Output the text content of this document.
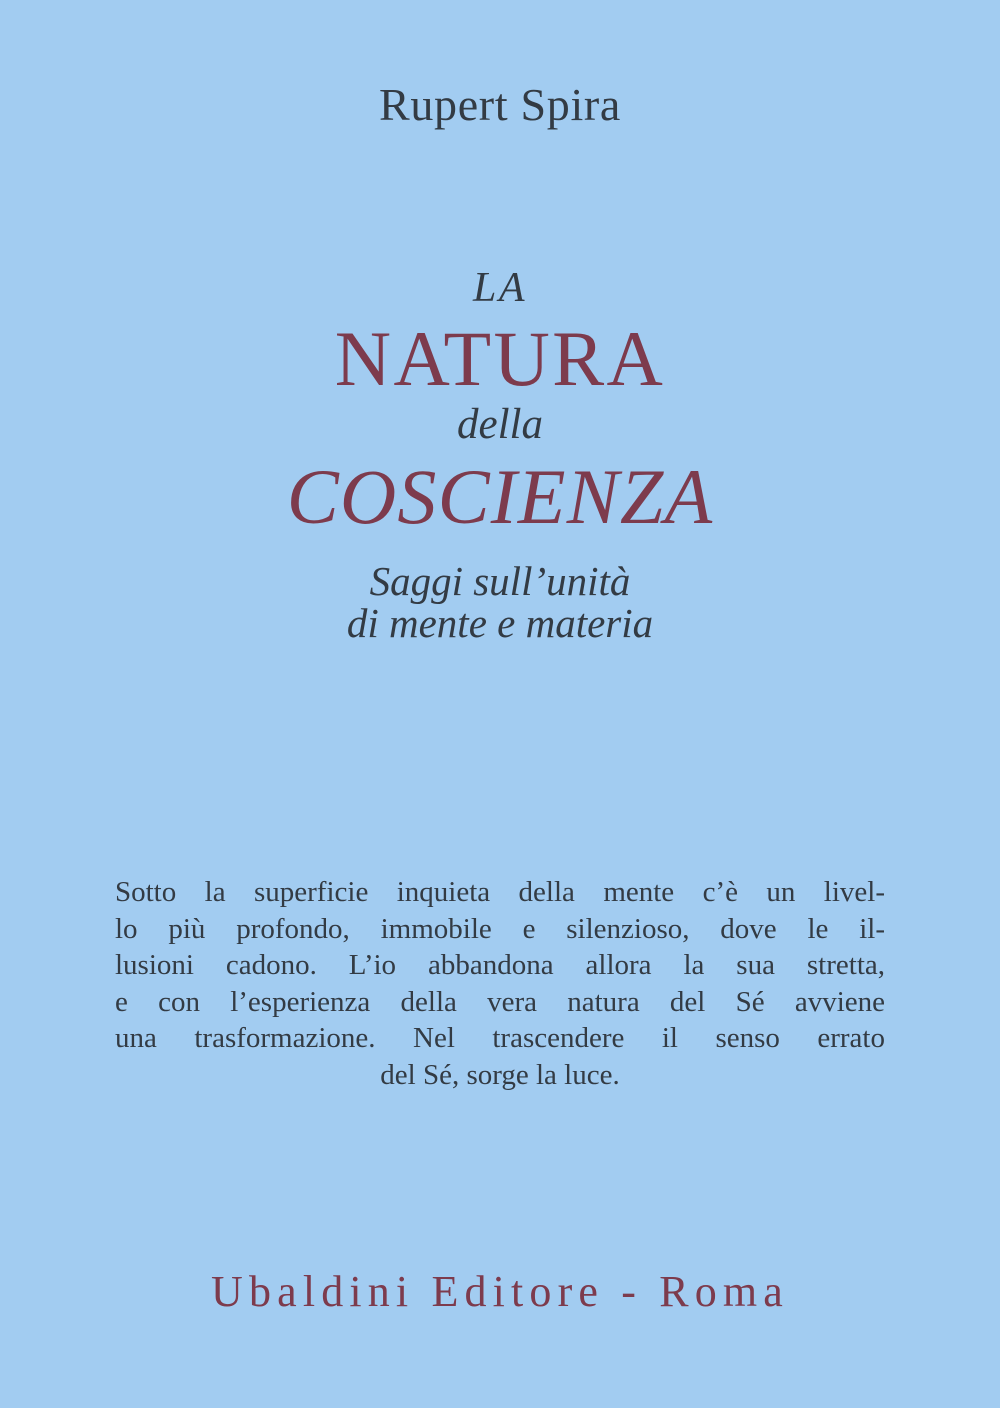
Rupert Spira
LA
NATURA
della
COSCIENZA
Saggi sull’unità
di mente e materia
Sotto la superficie inquieta della mente c’è un livel-
lo più profondo, immobile e silenzioso, dove le il-
lusioni cadono. L’io abbandona allora la sua stretta,
e con l’esperienza della vera natura del Sé avviene
una trasformazione. Nel trascendere il senso errato
del Sé, sorge la luce.
Ubaldini Editore - Roma
